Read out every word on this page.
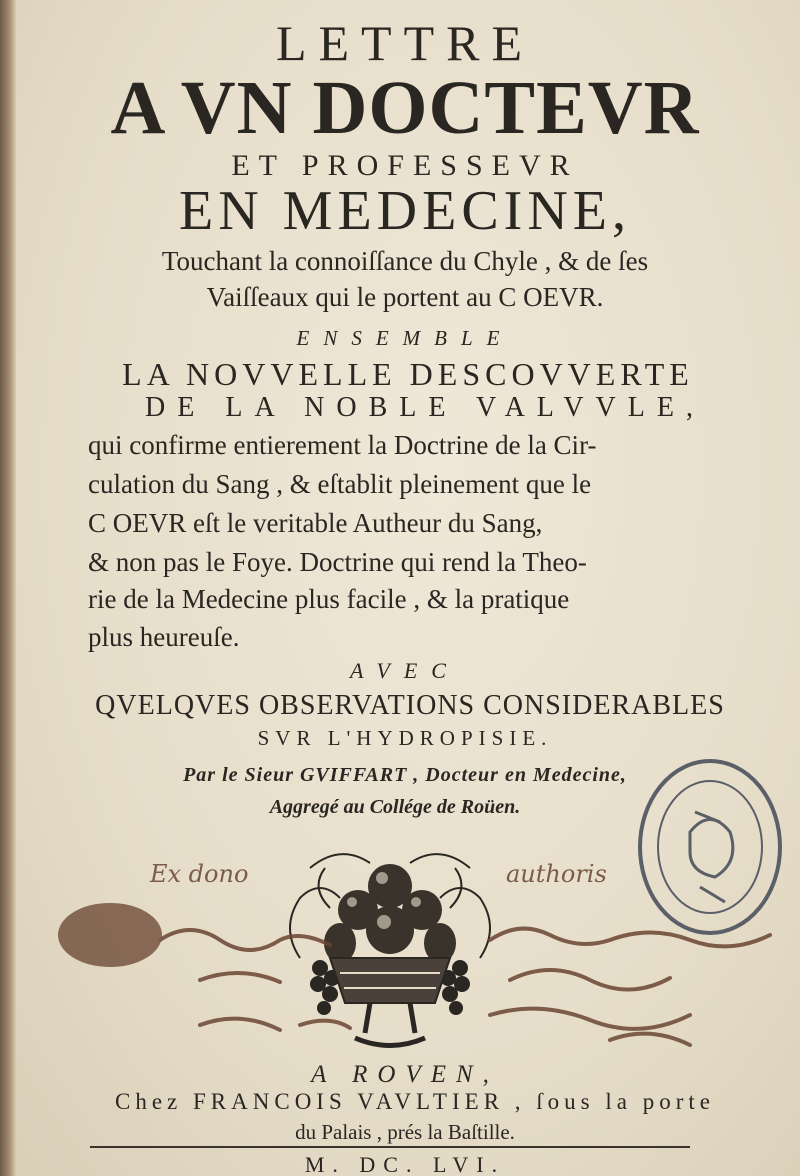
LETTRE
A VN DOCTEVR
ET PROFESSEVR
EN MEDECINE,
Touchant la connoiſſance du Chyle , & de ſes
Vaiſſeaux qui le portent au C OEVR.
ENSEMBLE
LA NOVVELLE DESCOVVERTE
DE LA NOBLE VALVVLE,
qui confirme entierement la Doctrine de la Cir-
culation du Sang , & eſtablit pleinement que le
C OEVR eſt le veritable Autheur du Sang,
& non pas le Foye. Doctrine qui rend la Theo-
rie de la Medecine plus facile , & la pratique
plus heureuſe.
AVEC
QVELQVES OBSERVATIONS CONSIDERABLES
SVR L'HYDROPISIE.
Par le Sieur GVIFFART , Docteur en Medecine,
Aggregé au Collége de Roüen.
Ex dono	authoris
A ROVEN,
Chez FRANCOIS VAVLTIER , ſous la porte
du Palais , prés la Baſtille.
M. DC. LVI.
